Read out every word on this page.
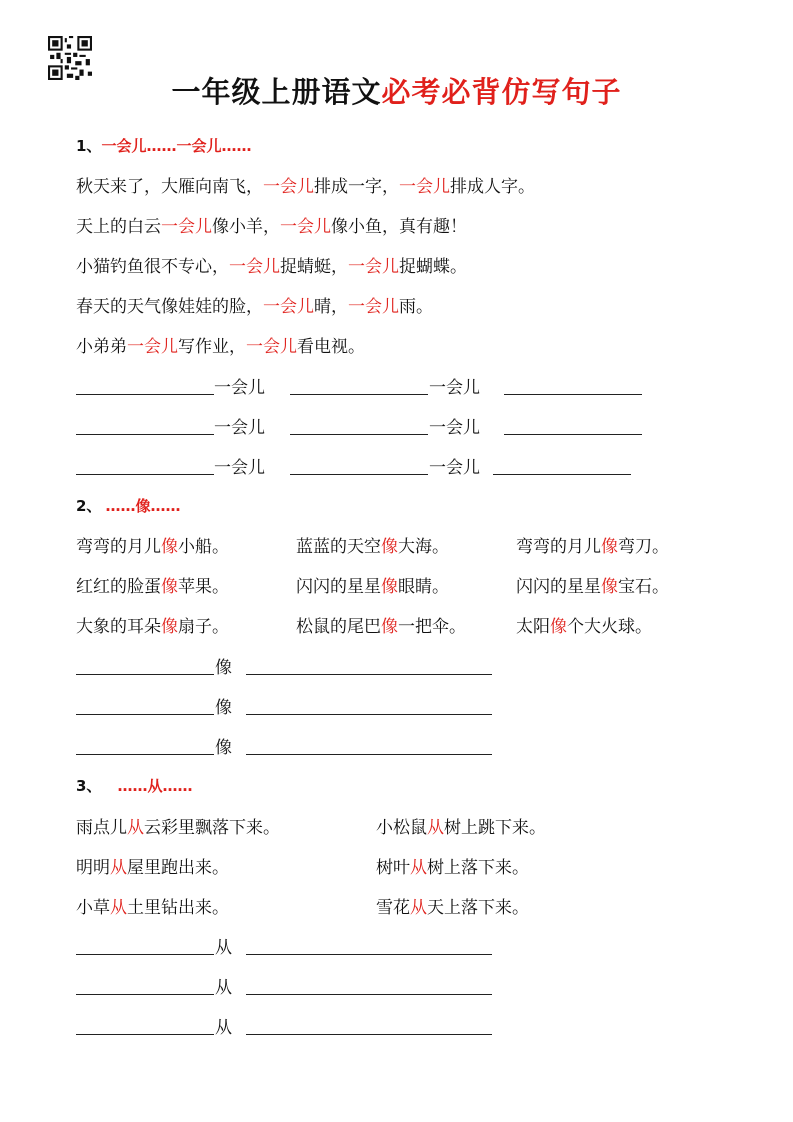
一年级上册语文必考必背仿写句子
1、一会儿……一会儿……
秋天来了，大雁向南飞，一会儿排成一字，一会儿排成人字。
天上的白云一会儿像小羊，一会儿像小鱼，真有趣！
小猫钓鱼很不专心，一会儿捉蜻蜓，一会儿捉蝴蝶。
春天的天气像娃娃的脸，一会儿晴，一会儿雨。
小弟弟一会儿写作业，一会儿看电视。
一会儿	一会儿
一会儿	一会儿
一会儿	一会儿
2、 ……像……
弯弯的月儿像小船。	蓝蓝的天空像大海。	弯弯的月儿像弯刀。
红红的脸蛋像苹果。	闪闪的星星像眼睛。	闪闪的星星像宝石。
大象的耳朵像扇子。	松鼠的尾巴像一把伞。	太阳像个大火球。
像
像
像
3、 ……从……
雨点儿从云彩里飘落下来。	小松鼠从树上跳下来。
明明从屋里跑出来。	树叶从树上落下来。
小草从土里钻出来。	雪花从天上落下来。
从
从
从
